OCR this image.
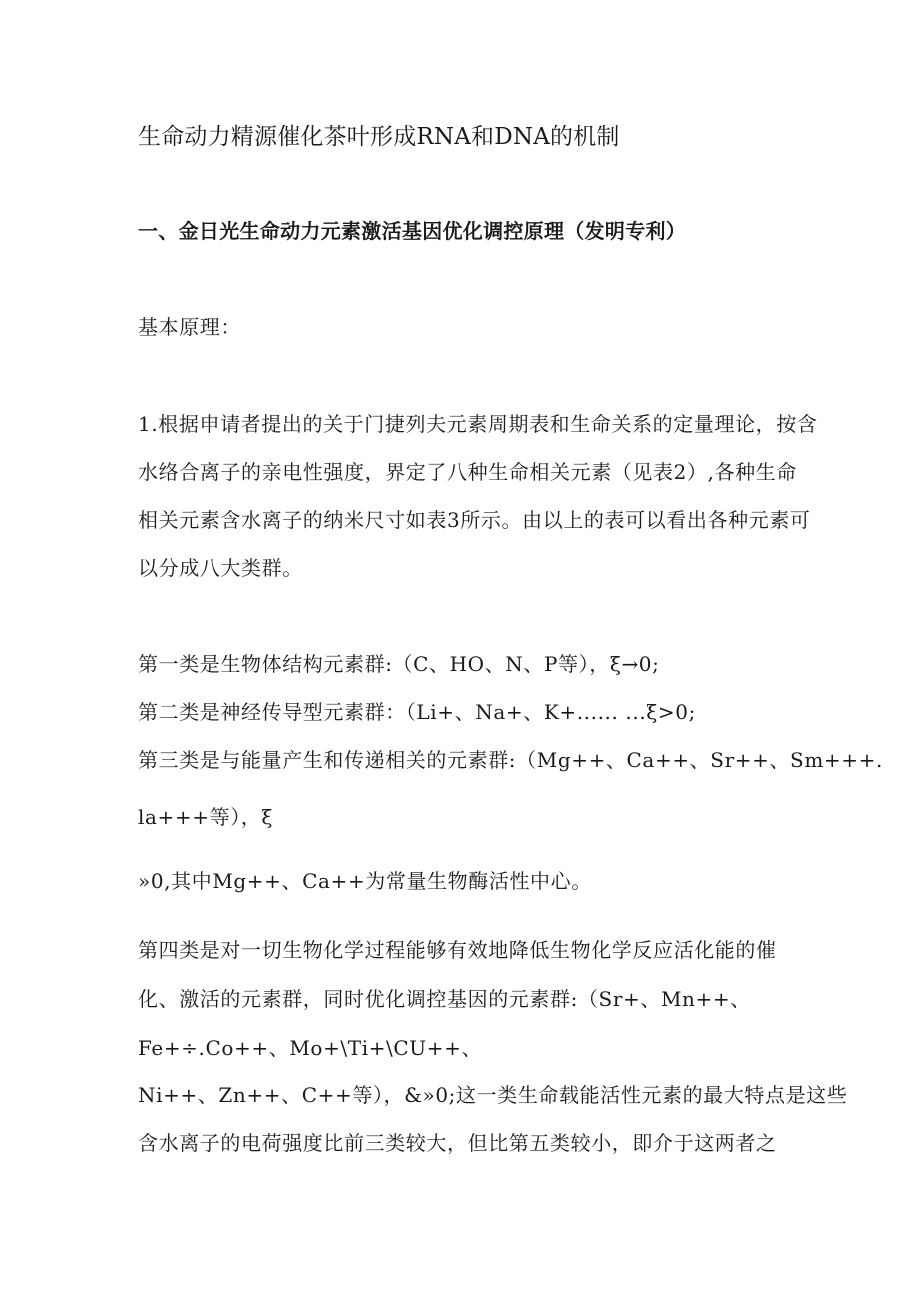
生命动力精源催化茶叶形成RNA和DNA的机制
一、金日光生命动力元素激活基因优化调控原理（发明专利）
基本原理：
1.根据申请者提出的关于门捷列夫元素周期表和生命关系的定量理论，按含
水络合离子的亲电性强度，界定了八种生命相关元素（见表2）,各种生命
相关元素含水离子的纳米尺寸如表3所示。由以上的表可以看出各种元素可
以分成八大类群。
第一类是生物体结构元素群:（C、HO、N、P等），ξ→0;
第二类是神经传导型元素群：（Li+、Na+、K+...... ...ξ>0;
第三类是与能量产生和传递相关的元素群:（Mg++、Ca++、Sr++、Sm+++.
la+++等），ξ
»0,其中Mg++、Ca++为常量生物酶活性中心。
第四类是对一切生物化学过程能够有效地降低生物化学反应活化能的催
化、激活的元素群，同时优化调控基因的元素群:（Sr+、Mn++、
Fe+÷.Co++、Mo+\Ti+\CU++、
Ni++、Zn++、C++等），&»0;这一类生命载能活性元素的最大特点是这些
含水离子的电荷强度比前三类较大，但比第五类较小，即介于这两者之
